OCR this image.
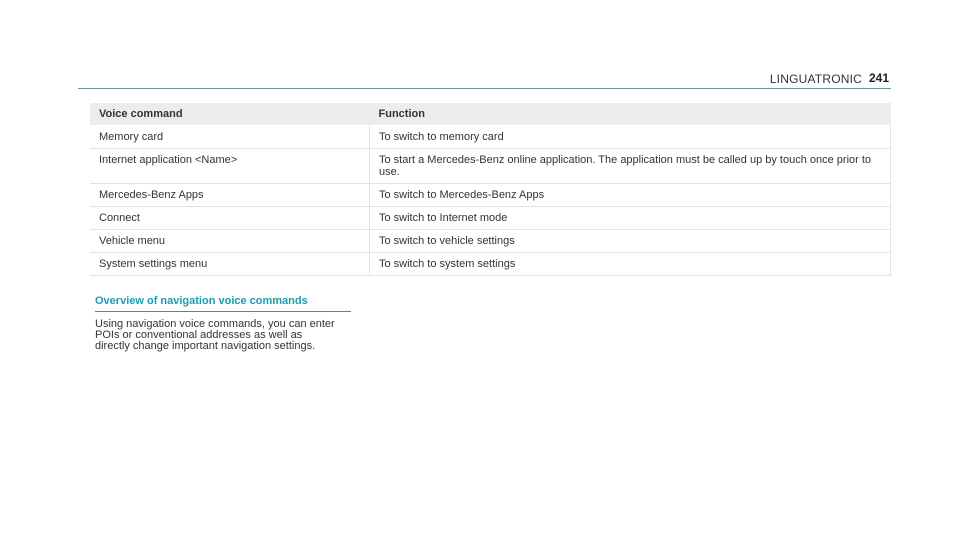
LINGUATRONIC 241
Voice command	Function
Memory card	To switch to memory card
Internet application <Name>	To start a Mercedes-Benz online application. The application must be called up by touch once prior to use.
Mercedes-Benz Apps	To switch to Mercedes-Benz Apps
Connect	To switch to Internet mode
Vehicle menu	To switch to vehicle settings
System settings menu	To switch to system settings
Overview of navigation voice commands
Using navigation voice commands, you can enter
POIs or conventional addresses as well as
directly change important navigation settings.
